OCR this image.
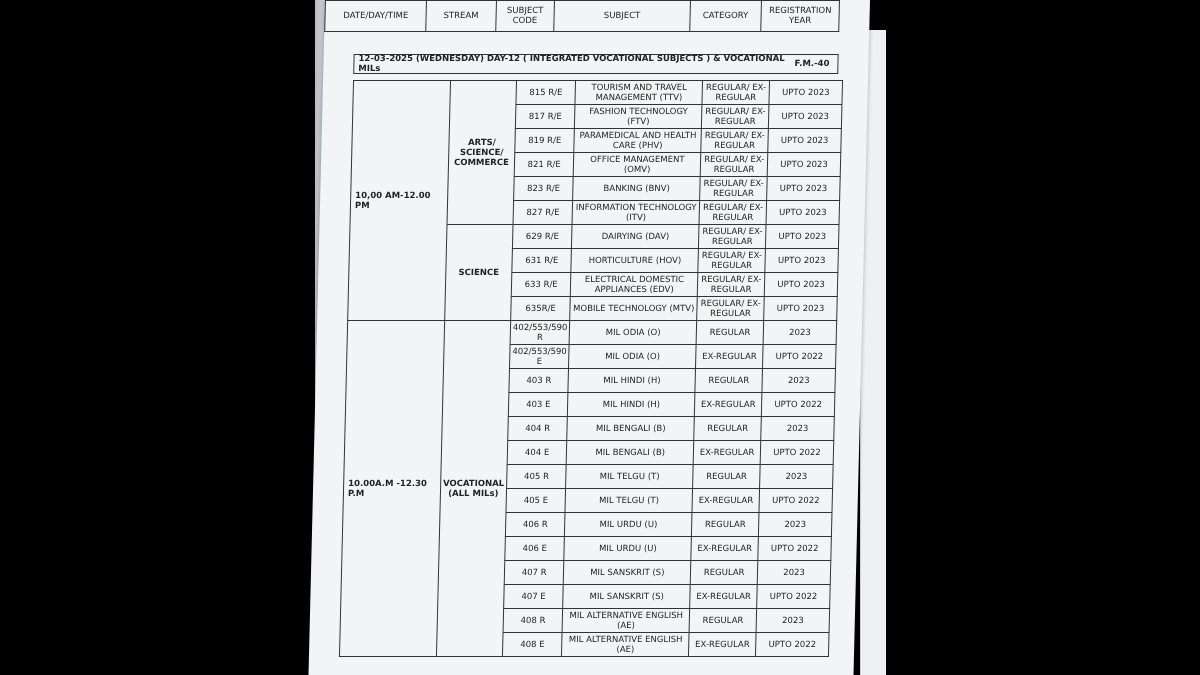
DATE/DAY/TIME	STREAM	SUBJECT CODE	SUBJECT	CATEGORY	REGISTRATION YEAR
12-03-2025 (WEDNESDAY) DAY-12 ( INTEGRATED VOCATIONAL SUBJECTS ) & VOCATIONAL MILs	F.M.-40
10,00 AM-12.00 PM	ARTS/ SCIENCE/ COMMERCE	815 R/E	TOURISM AND TRAVEL MANAGEMENT (TTV)	REGULAR/ EX-REGULAR	UPTO 2023
		817 R/E	FASHION TECHNOLOGY (FTV)	REGULAR/ EX-REGULAR	UPTO 2023
		819 R/E	PARAMEDICAL AND HEALTH CARE (PHV)	REGULAR/ EX-REGULAR	UPTO 2023
		821 R/E	OFFICE MANAGEMENT (OMV)	REGULAR/ EX-REGULAR	UPTO 2023
		823 R/E	BANKING (BNV)	REGULAR/ EX-REGULAR	UPTO 2023
		827 R/E	INFORMATION TECHNOLOGY (ITV)	REGULAR/ EX-REGULAR	UPTO 2023
	SCIENCE	629 R/E	DAIRYING (DAV)	REGULAR/ EX-REGULAR	UPTO 2023
		631 R/E	HORTICULTURE (HOV)	REGULAR/ EX-REGULAR	UPTO 2023
		633 R/E	ELECTRICAL DOMESTIC APPLIANCES (EDV)	REGULAR/ EX-REGULAR	UPTO 2023
		635R/E	MOBILE TECHNOLOGY (MTV)	REGULAR/ EX-REGULAR	UPTO 2023
10.00A.M -12.30 P.M	VOCATIONAL (ALL MILs)	402/553/590 R	MIL ODIA (O)	REGULAR	2023
		402/553/590 E	MIL ODIA (O)	EX-REGULAR	UPTO 2022
		403 R	MIL HINDI (H)	REGULAR	2023
		403 E	MIL HINDI (H)	EX-REGULAR	UPTO 2022
		404 R	MIL BENGALI (B)	REGULAR	2023
		404 E	MIL BENGALI (B)	EX-REGULAR	UPTO 2022
		405 R	MIL TELGU (T)	REGULAR	2023
		405 E	MIL TELGU (T)	EX-REGULAR	UPTO 2022
		406 R	MIL URDU (U)	REGULAR	2023
		406 E	MIL URDU (U)	EX-REGULAR	UPTO 2022
		407 R	MIL SANSKRIT (S)	REGULAR	2023
		407 E	MIL SANSKRIT (S)	EX-REGULAR	UPTO 2022
		408 R	MIL ALTERNATIVE ENGLISH (AE)	REGULAR	2023
		408 E	MIL ALTERNATIVE ENGLISH (AE)	EX-REGULAR	UPTO 2022
